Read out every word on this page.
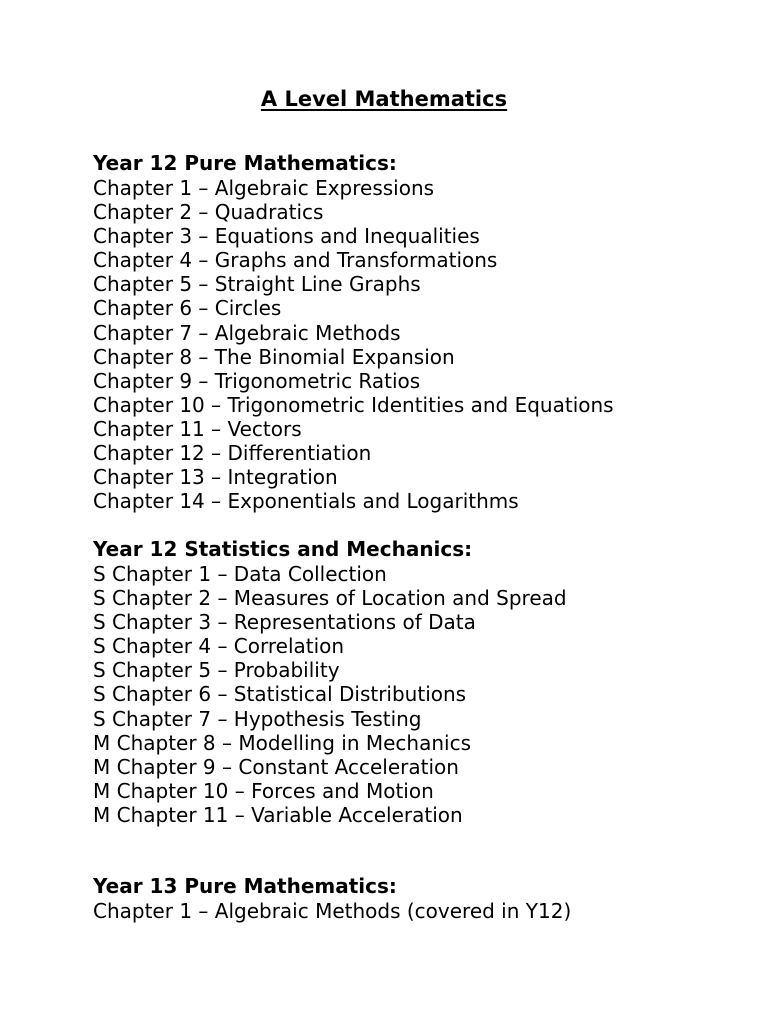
A Level Mathematics

Year 12 Pure Mathematics:

Chapter 1 – Algebraic Expressions
Chapter 2 – Quadratics
Chapter 3 – Equations and Inequalities
Chapter 4 – Graphs and Transformations
Chapter 5 – Straight Line Graphs
Chapter 6 – Circles
Chapter 7 – Algebraic Methods
Chapter 8 – The Binomial Expansion
Chapter 9 – Trigonometric Ratios
Chapter 10 – Trigonometric Identities and Equations
Chapter 11 – Vectors
Chapter 12 – Differentiation
Chapter 13 – Integration
Chapter 14 – Exponentials and Logarithms

Year 12 Statistics and Mechanics:

S Chapter 1 – Data Collection
S Chapter 2 – Measures of Location and Spread
S Chapter 3 – Representations of Data
S Chapter 4 – Correlation
S Chapter 5 – Probability
S Chapter 6 – Statistical Distributions
S Chapter 7 – Hypothesis Testing
M Chapter 8 – Modelling in Mechanics
M Chapter 9 – Constant Acceleration
M Chapter 10 – Forces and Motion
M Chapter 11 – Variable Acceleration

Year 13 Pure Mathematics:

Chapter 1 – Algebraic Methods (covered in Y12)
